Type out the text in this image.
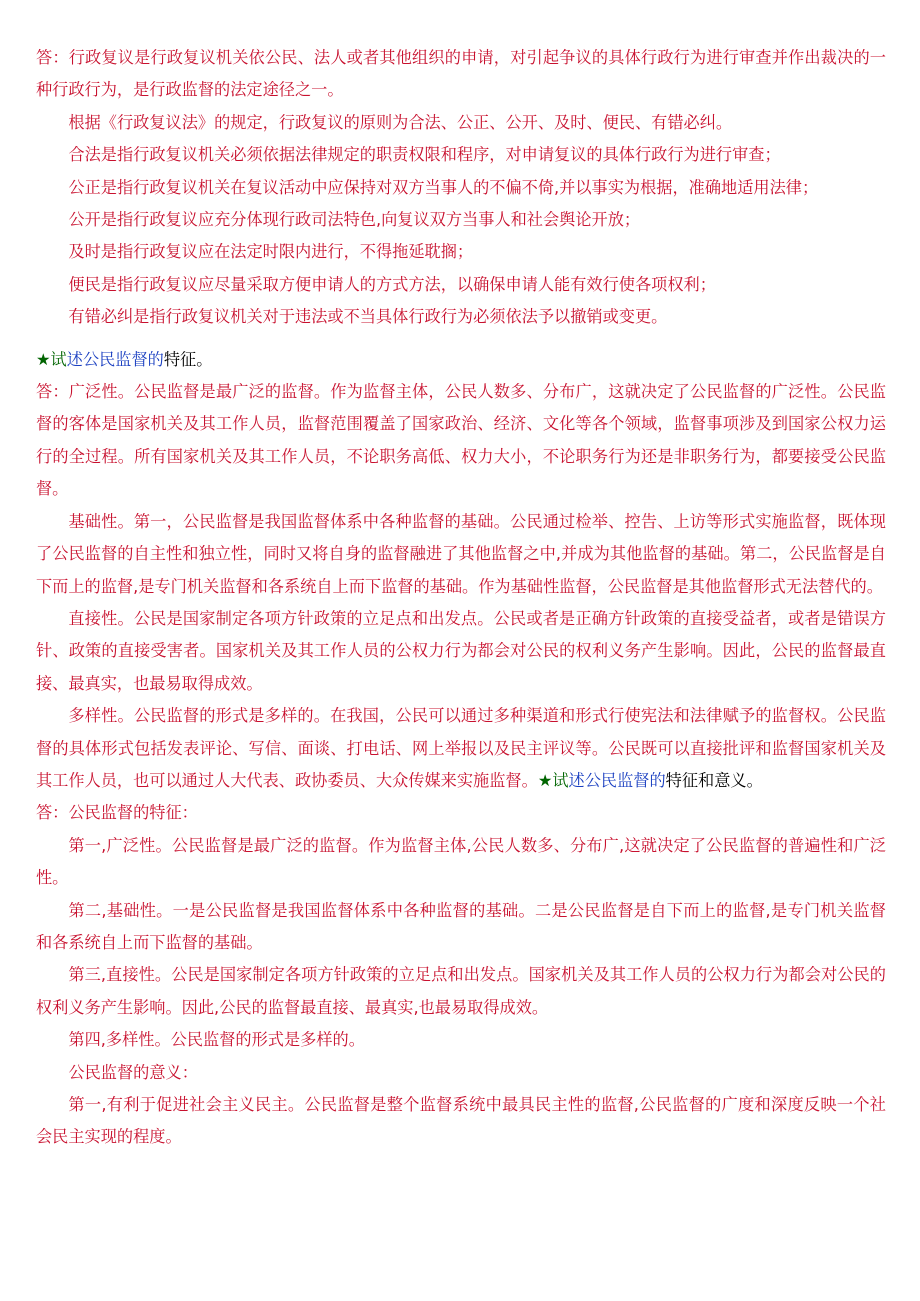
答：行政复议是行政复议机关依公民、法人或者其他组织的申请，对引起争议的具体行政行为进行审查并作出裁决的一种行政行为，是行政监督的法定途径之一。

根据《行政复议法》的规定，行政复议的原则为合法、公正、公开、及时、便民、有错必纠。

合法是指行政复议机关必须依据法律规定的职责权限和程序，对申请复议的具体行政行为进行审查；

公正是指行政复议机关在复议活动中应保持对双方当事人的不偏不倚,并以事实为根据，准确地适用法律；

公开是指行政复议应充分体现行政司法特色,向复议双方当事人和社会舆论开放；

及时是指行政复议应在法定时限内进行，不得拖延耽搁；

便民是指行政复议应尽量采取方便申请人的方式方法，以确保申请人能有效行使各项权利；

有错必纠是指行政复议机关对于违法或不当具体行政行为必须依法予以撤销或变更。

★试述公民监督的特征。

答：广泛性。公民监督是最广泛的监督。作为监督主体，公民人数多、分布广，这就决定了公民监督的广泛性。公民监督的客体是国家机关及其工作人员，监督范围覆盖了国家政治、经济、文化等各个领域，监督事项涉及到国家公权力运行的全过程。所有国家机关及其工作人员，不论职务高低、权力大小，不论职务行为还是非职务行为，都要接受公民监督。

基础性。第一，公民监督是我国监督体系中各种监督的基础。公民通过检举、控告、上访等形式实施监督，既体现了公民监督的自主性和独立性，同时又将自身的监督融进了其他监督之中,并成为其他监督的基础。第二，公民监督是自下而上的监督,是专门机关监督和各系统自上而下监督的基础。作为基础性监督，公民监督是其他监督形式无法替代的。

直接性。公民是国家制定各项方针政策的立足点和出发点。公民或者是正确方针政策的直接受益者，或者是错误方针、政策的直接受害者。国家机关及其工作人员的公权力行为都会对公民的权利义务产生影响。因此，公民的监督最直接、最真实，也最易取得成效。

多样性。公民监督的形式是多样的。在我国，公民可以通过多种渠道和形式行使宪法和法律赋予的监督权。公民监督的具体形式包括发表评论、写信、面谈、打电话、网上举报以及民主评议等。公民既可以直接批评和监督国家机关及其工作人员，也可以通过人大代表、政协委员、大众传媒来实施监督。★试述公民监督的特征和意义。

答：公民监督的特征：

第一,广泛性。公民监督是最广泛的监督。作为监督主体,公民人数多、分布广,这就决定了公民监督的普遍性和广泛性。

第二,基础性。一是公民监督是我国监督体系中各种监督的基础。二是公民监督是自下而上的监督,是专门机关监督和各系统自上而下监督的基础。

第三,直接性。公民是国家制定各项方针政策的立足点和出发点。国家机关及其工作人员的公权力行为都会对公民的权利义务产生影响。因此,公民的监督最直接、最真实,也最易取得成效。

第四,多样性。公民监督的形式是多样的。

公民监督的意义：

第一,有利于促进社会主义民主。公民监督是整个监督系统中最具民主性的监督,公民监督的广度和深度反映一个社会民主实现的程度。
